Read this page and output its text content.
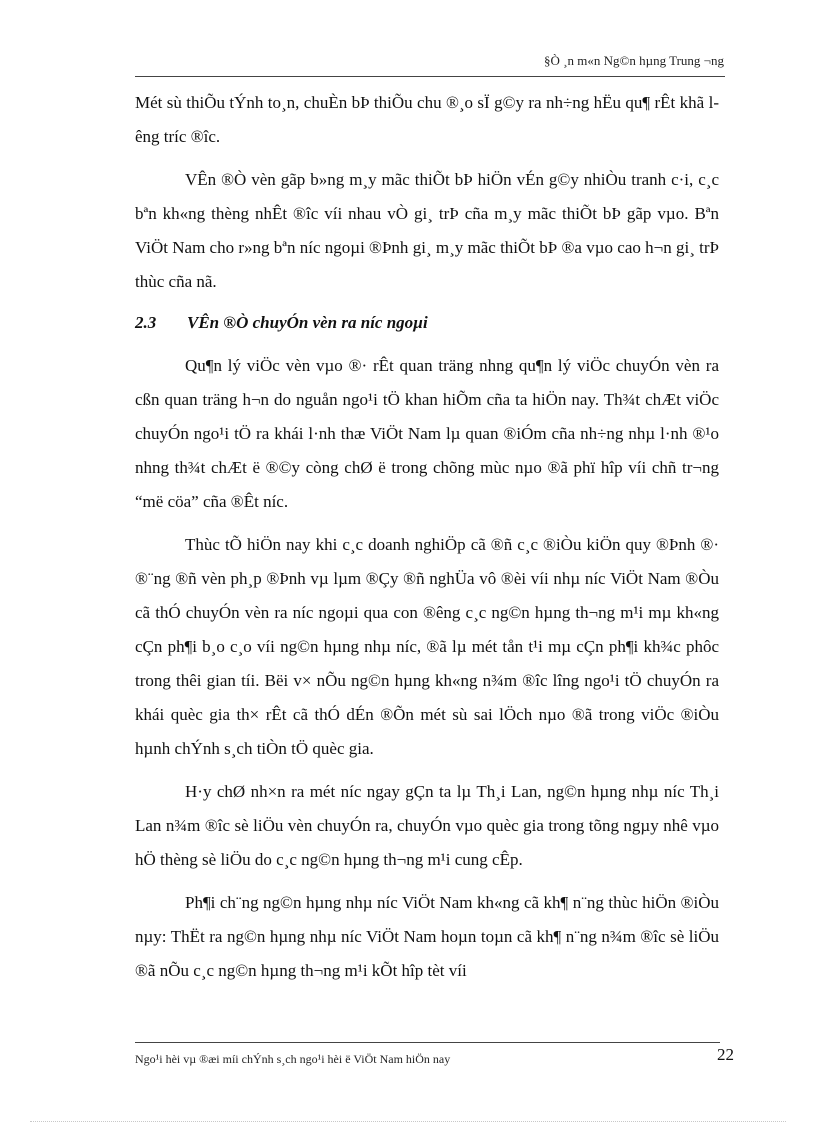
§Ò ¸n m«n Ng©n hµng Trung ¬ng

Mét sù thiÕu tÝnh to¸n, chuÈn bÞ thiÕu chu ®¸o sÏ g©y ra nh÷ng hËu qu¶ rÊt khã lêng tríc ®îc.

VÊn ®Ò vèn gãp b»ng m¸y mãc thiÕt bÞ hiÖn vÉn g©y nhiÒu tranh c·i, c¸c bªn kh«ng thèng nhÊt ®îc víi nhau vÒ gi¸ trÞ cña m¸y mãc thiÕt bÞ gãp vµo. Bªn ViÖt Nam cho r»ng bªn níc ngoµi ®Þnh gi¸ m¸y mãc thiÕt bÞ ®a vµo cao h¬n gi¸ trÞ thùc cña nã.

2.3 VÊn ®Ò chuyÓn vèn ra níc ngoµi

Qu¶n lý viÖc vèn vµo ®· rÊt quan träng nhng qu¶n lý viÖc chuyÓn vèn ra cßn quan träng h¬n do nguån ngo¹i tÖ khan hiÕm cña ta hiÖn nay. Th¾t chÆt viÖc chuyÓn ngo¹i tÖ ra khái l·nh thæ ViÖt Nam lµ quan ®iÓm cña nh÷ng nhµ l·nh ®¹o nhng th¾t chÆt ë ®©y còng chØ ë trong chõng mùc nµo ®ã phï hîp víi chñ tr¬ng “më cöa” cña ®Êt níc.

Thùc tÕ hiÖn nay khi c¸c doanh nghiÖp cã ®ñ c¸c ®iÒu kiÖn quy ®Þnh ®· ®¨ng ®ñ vèn ph¸p ®Þnh vµ lµm ®Çy ®ñ nghÜa vô ®èi víi nhµ níc ViÖt Nam ®Òu cã thÓ chuyÓn vèn ra níc ngoµi qua con ®êng c¸c ng©n hµng th¬ng m¹i mµ kh«ng cÇn ph¶i b¸o c¸o víi ng©n hµng nhµ níc, ®ã lµ mét tån t¹i mµ cÇn ph¶i kh¾c phôc trong thêi gian tíi. Bëi v× nÕu ng©n hµng kh«ng n¾m ®îc lîng ngo¹i tÖ chuyÓn ra khái quèc gia th× rÊt cã thÓ dÉn ®Õn mét sù sai lÖch nµo ®ã trong viÖc ®iÒu hµnh chÝnh s¸ch tiÒn tÖ quèc gia.

H·y chØ nh×n ra mét níc ngay gÇn ta lµ Th¸i Lan, ng©n hµng nhµ níc Th¸i Lan n¾m ®îc sè liÖu vèn chuyÓn ra, chuyÓn vµo quèc gia trong tõng ngµy nhê vµo hÖ thèng sè liÖu do c¸c ng©n hµng th¬ng m¹i cung cÊp.

Ph¶i ch¨ng ng©n hµng nhµ níc ViÖt Nam kh«ng cã kh¶ n¨ng thùc hiÖn ®iÒu nµy: ThËt ra ng©n hµng nhµ níc ViÖt Nam hoµn toµn cã kh¶ n¨ng n¾m ®îc sè liÖu ®ã nÕu c¸c ng©n hµng th¬ng m¹i kÕt hîp tèt víi

Ngo¹i hèi vµ ®æi míi chÝnh s¸ch ngo¹i hèi ë ViÖt Nam hiÖn nay	22
